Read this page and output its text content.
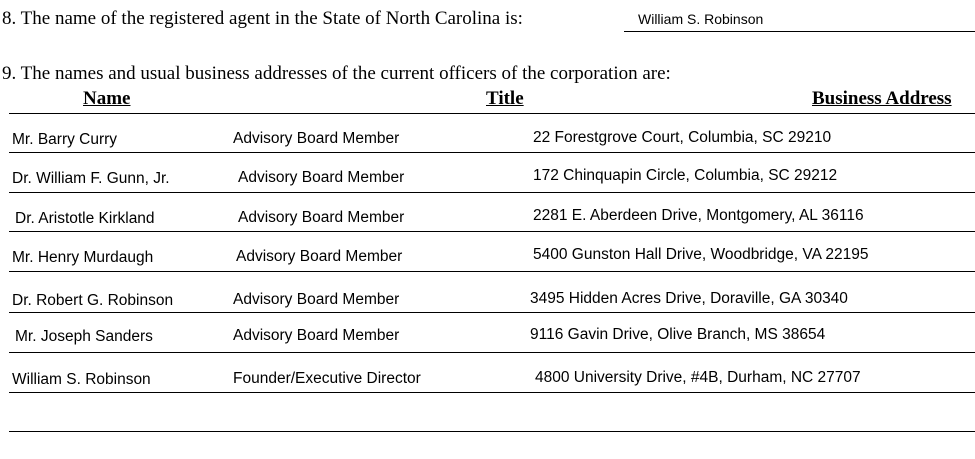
8. The name of the registered agent in the State of North Carolina is:	William S. Robinson
9. The names and usual business addresses of the current officers of the corporation are:
Name	Title	Business Address
Mr. Barry Curry	Advisory Board Member	22 Forestgrove Court, Columbia, SC 29210
Dr. William F. Gunn, Jr.	Advisory Board Member	172 Chinquapin Circle, Columbia, SC 29212
Dr. Aristotle Kirkland	Advisory Board Member	2281 E. Aberdeen Drive, Montgomery, AL 36116
Mr. Henry Murdaugh	Advisory Board Member	5400 Gunston Hall Drive, Woodbridge, VA 22195
Dr. Robert G. Robinson	Advisory Board Member	3495 Hidden Acres Drive, Doraville, GA 30340
Mr. Joseph Sanders	Advisory Board Member	9116 Gavin Drive, Olive Branch, MS 38654
William S. Robinson	Founder/Executive Director	4800 University Drive, #4B, Durham, NC 27707
